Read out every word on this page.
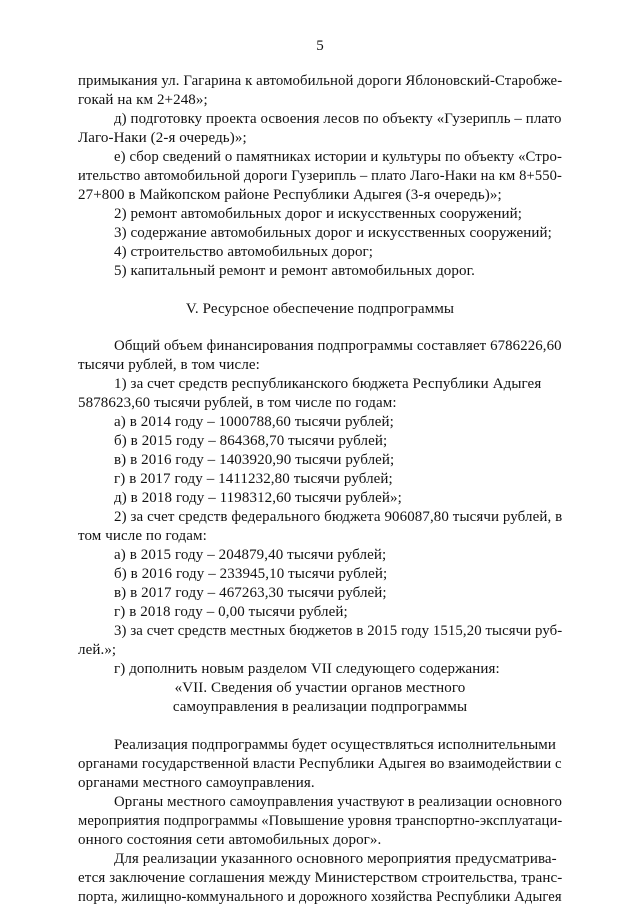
5
примыкания ул. Гагарина к автомобильной дороги Яблоновский-Старобже-
гокай на км 2+248»;
д) подготовку проекта освоения лесов по объекту «Гузерипль – плато
Лаго-Наки (2-я очередь)»;
е) сбор сведений о памятниках истории и культуры по объекту «Стро-
ительство автомобильной дороги Гузерипль – плато Лаго-Наки на км 8+550-
27+800 в Майкопском районе Республики Адыгея (3-я очередь)»;
2) ремонт автомобильных дорог и искусственных сооружений;
3) содержание автомобильных дорог и искусственных сооружений;
4) строительство автомобильных дорог;
5) капитальный ремонт и ремонт автомобильных дорог.
V. Ресурсное обеспечение подпрограммы
Общий объем финансирования подпрограммы составляет 6786226,60
тысячи рублей, в том числе:
1) за счет средств республиканского бюджета Республики Адыгея
5878623,60 тысячи рублей, в том числе по годам:
а) в 2014 году – 1000788,60 тысячи рублей;
б) в 2015 году – 864368,70 тысячи рублей;
в) в 2016 году – 1403920,90 тысячи рублей;
г) в 2017 году – 1411232,80 тысячи рублей;
д) в 2018 году – 1198312,60 тысячи рублей»;
2) за счет средств федерального бюджета 906087,80 тысячи рублей, в
том числе по годам:
а) в 2015 году – 204879,40 тысячи рублей;
б) в 2016 году – 233945,10 тысячи рублей;
в) в 2017 году – 467263,30 тысячи рублей;
г) в 2018 году – 0,00 тысячи рублей;
3) за счет средств местных бюджетов в 2015 году 1515,20 тысячи руб-
лей.»;
г) дополнить новым разделом VII следующего содержания:
«VII. Сведения об участии органов местного
самоуправления в реализации подпрограммы
Реализация подпрограммы будет осуществляться исполнительными
органами государственной власти Республики Адыгея во взаимодействии с
органами местного самоуправления.
Органы местного самоуправления участвуют в реализации основного
мероприятия подпрограммы «Повышение уровня транспортно-эксплуатаци-
онного состояния сети автомобильных дорог».
Для реализации указанного основного мероприятия предусматрива-
ется заключение соглашения между Министерством строительства, транс-
порта, жилищно-коммунального и дорожного хозяйства Республики Адыгея
